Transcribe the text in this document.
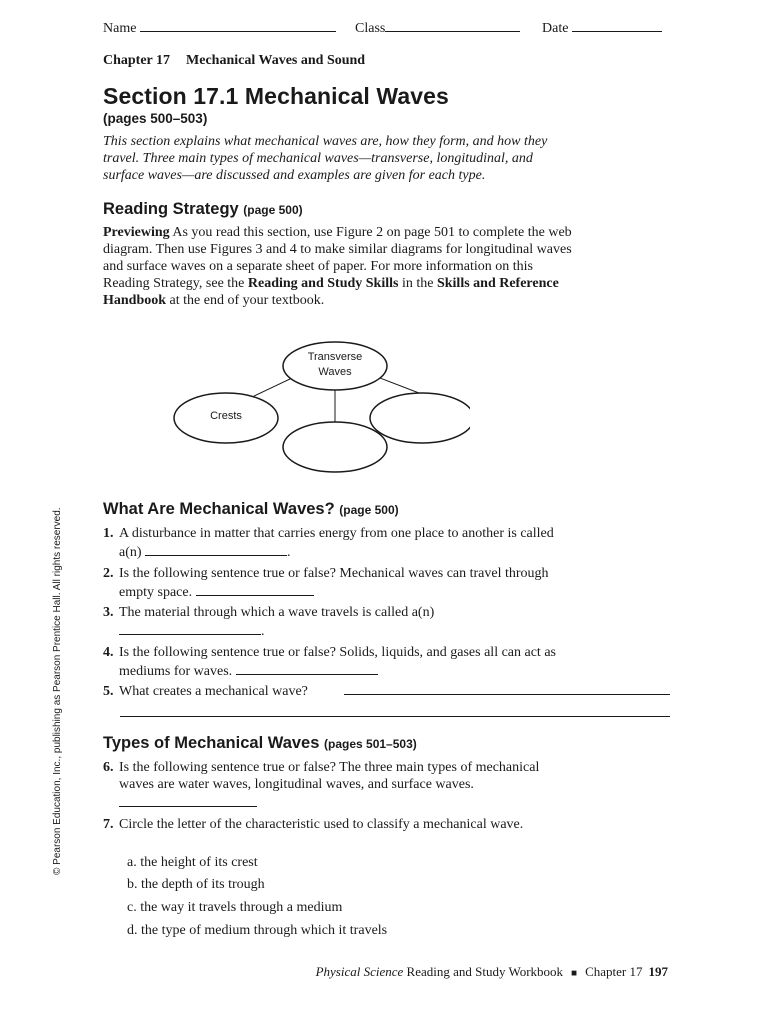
Name	Class	Date
Chapter 17 Mechanical Waves and Sound
Section 17.1 Mechanical Waves
(pages 500–503)
This section explains what mechanical waves are, how they form, and how they travel. Three main types of mechanical waves—transverse, longitudinal, and surface waves—are discussed and examples are given for each type.
Reading Strategy (page 500)
Previewing As you read this section, use Figure 2 on page 501 to complete the web diagram. Then use Figures 3 and 4 to make similar diagrams for longitudinal waves and surface waves on a separate sheet of paper. For more information on this Reading Strategy, see the Reading and Study Skills in the Skills and Reference Handbook at the end of your textbook.
Transverse
Waves
Crests
What Are Mechanical Waves? (page 500)
1. A disturbance in matter that carries energy from one place to another is called a(n)	.
2. Is the following sentence true or false? Mechanical waves can travel through empty space.
3. The material through which a wave travels is called a(n)
.
4. Is the following sentence true or false? Solids, liquids, and gases all can act as mediums for waves.
5. What creates a mechanical wave?
Types of Mechanical Waves (pages 501–503)
6. Is the following sentence true or false? The three main types of mechanical waves are water waves, longitudinal waves, and surface waves.
7. Circle the letter of the characteristic used to classify a mechanical wave.
a. the height of its crest
b. the depth of its trough
c. the way it travels through a medium
d. the type of medium through which it travels
© Pearson Education, Inc., publishing as Pearson Prentice Hall. All rights reserved.
Physical Science Reading and Study Workbook ■ Chapter 17 197
